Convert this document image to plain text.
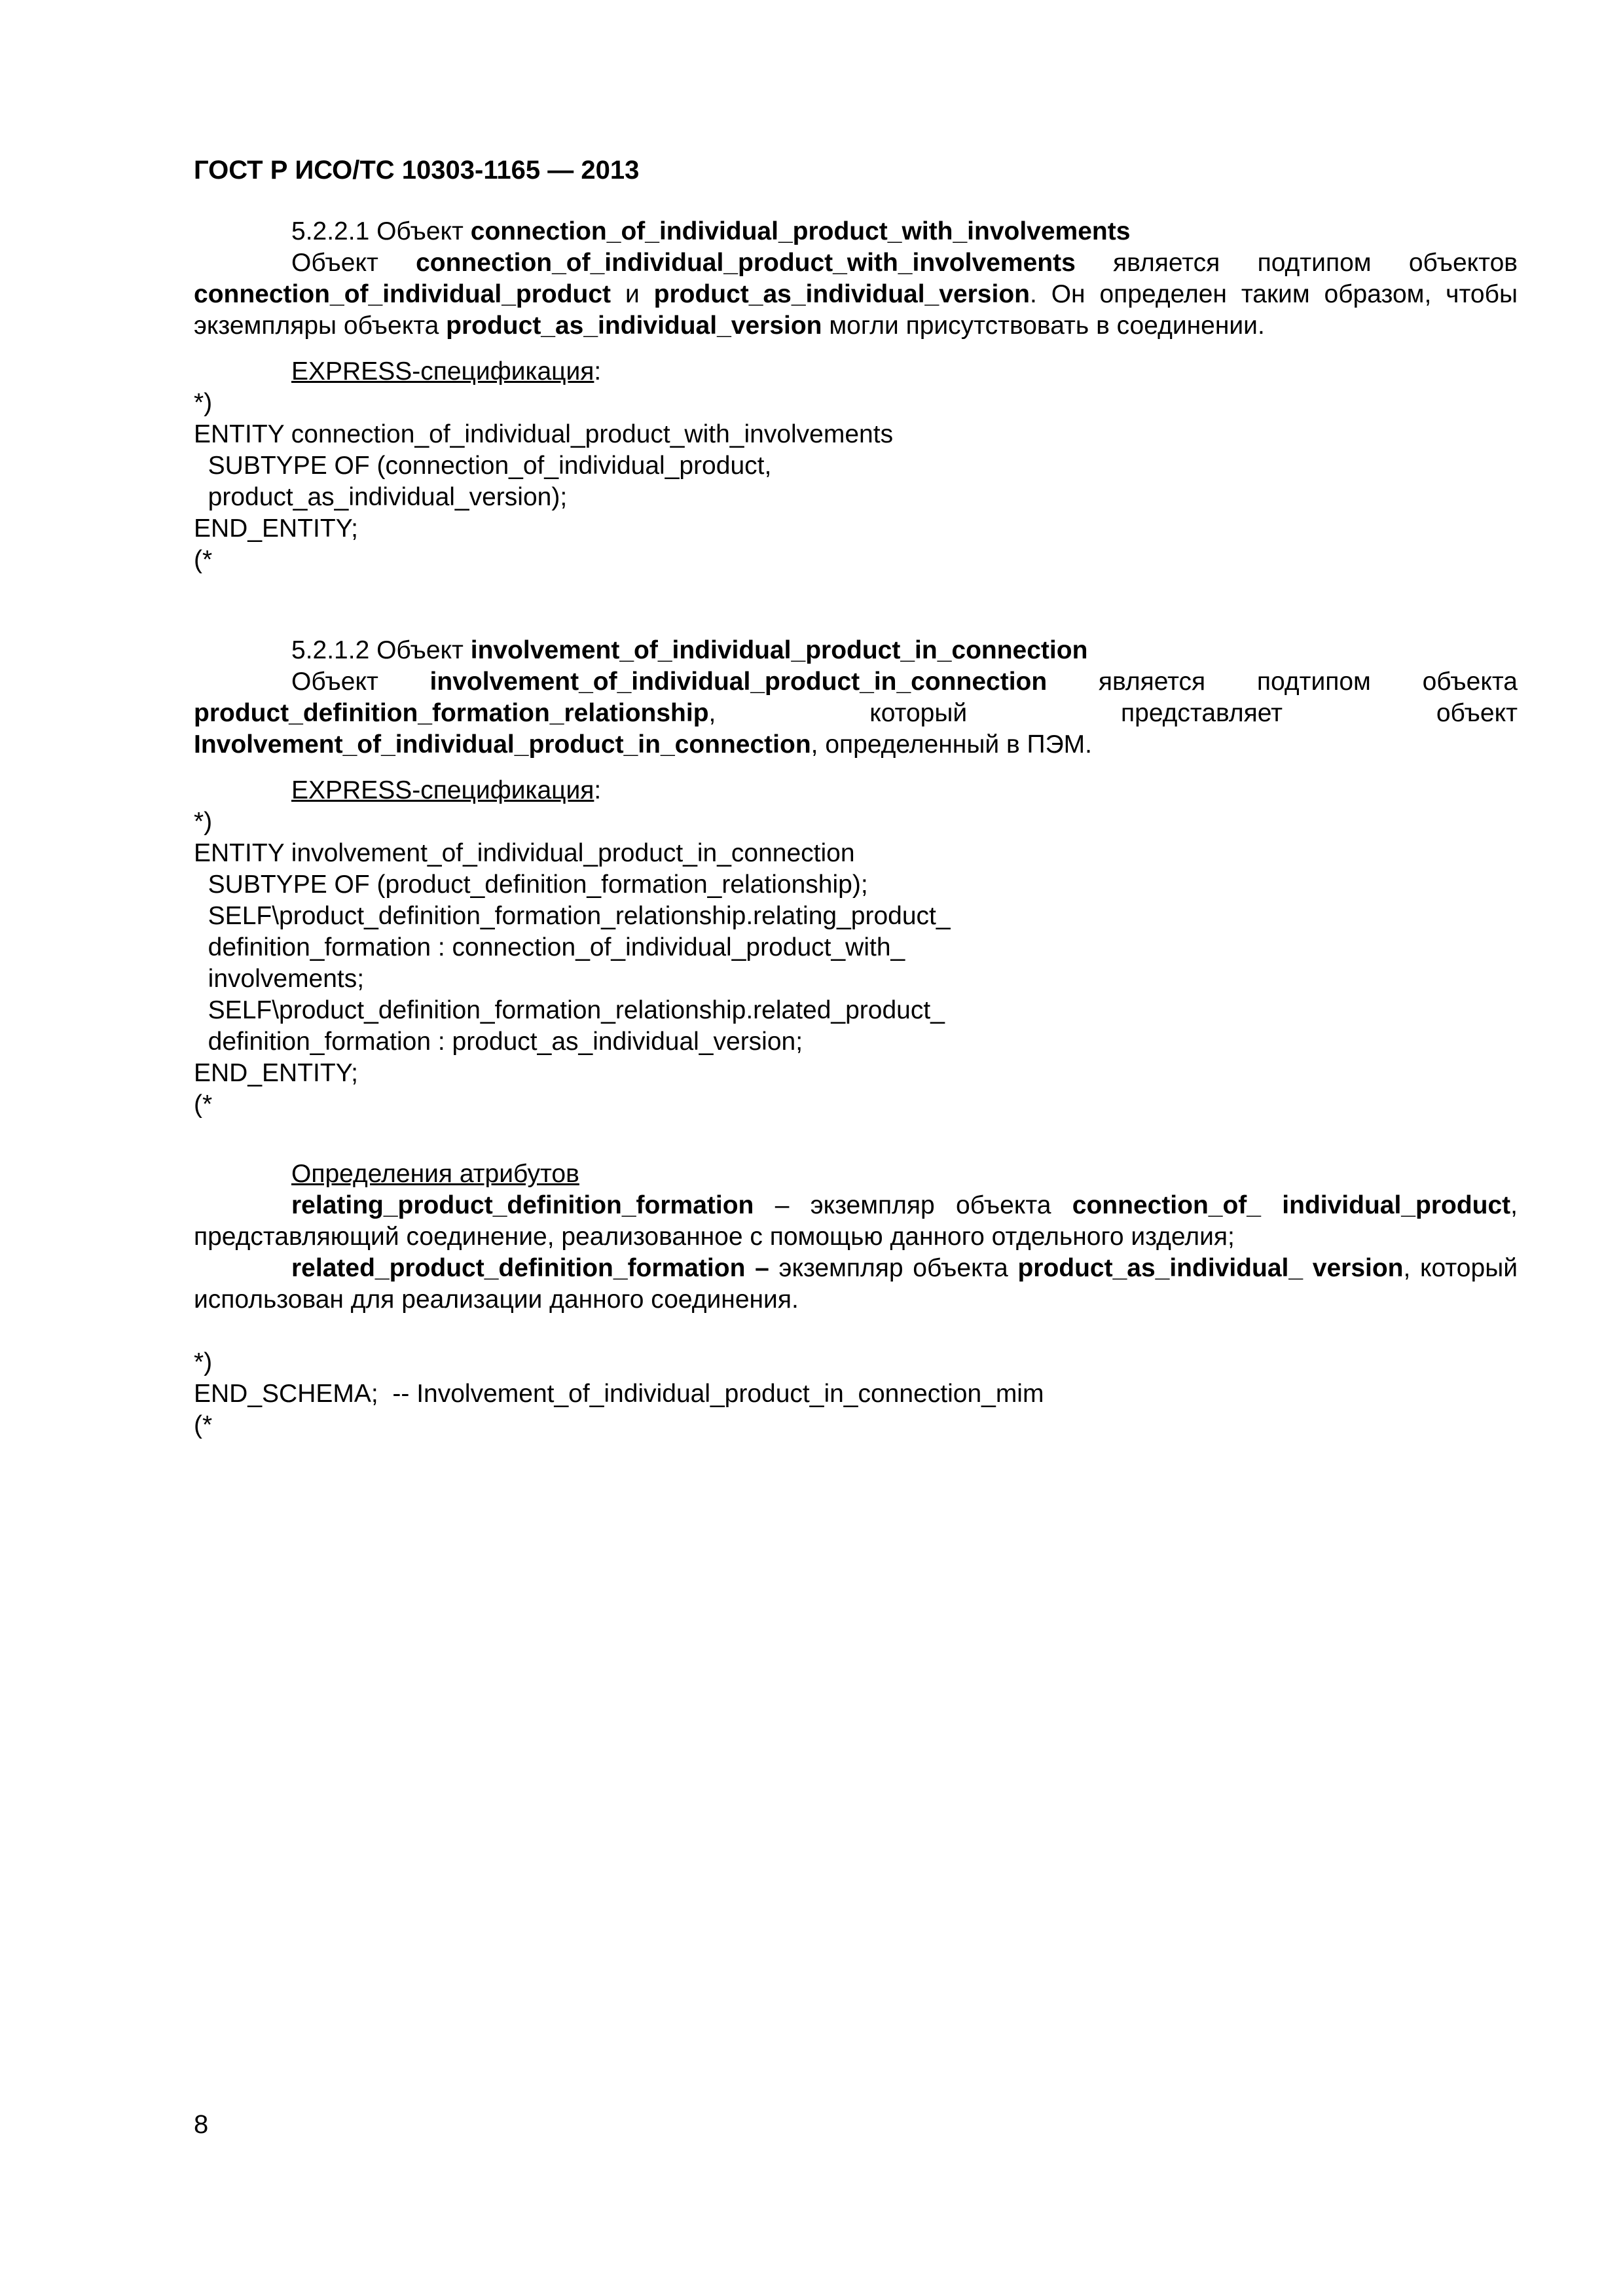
ГОСТ Р ИСО/ТС 10303-1165 — 2013

5.2.2.1 Объект connection_of_individual_product_with_involvements

Объект connection_of_individual_product_with_involvements является подтипом объектов connection_of_individual_product и product_as_individual_version. Он определен таким образом, чтобы экземпляры объекта product_as_individual_version могли присутствовать в соединении.

EXPRESS-спецификация:

*)

ENTITY connection_of_individual_product_with_involvements

SUBTYPE OF (connection_of_individual_product,

product_as_individual_version);

END_ENTITY;

(*

5.2.1.2 Объект involvement_of_individual_product_in_connection

Объект involvement_of_individual_product_in_connection является подтипом объекта product_definition_formation_relationship, который представляет объект Involvement_of_individual_product_in_connection, определенный в ПЭМ.

EXPRESS-спецификация:

*)

ENTITY involvement_of_individual_product_in_connection

SUBTYPE OF (product_definition_formation_relationship);

SELF\product_definition_formation_relationship.relating_product_

definition_formation : connection_of_individual_product_with_

involvements;

SELF\product_definition_formation_relationship.related_product_

definition_formation : product_as_individual_version;

END_ENTITY;

(*

Определения атрибутов

relating_product_definition_formation – экземпляр объекта connection_of_ individual_product, представляющий соединение, реализованное с помощью данного отдельного изделия;

related_product_definition_formation – экземпляр объекта product_as_individual_ version, который использован для реализации данного соединения.

*)

END_SCHEMA;  -- Involvement_of_individual_product_in_connection_mim

(*

8
